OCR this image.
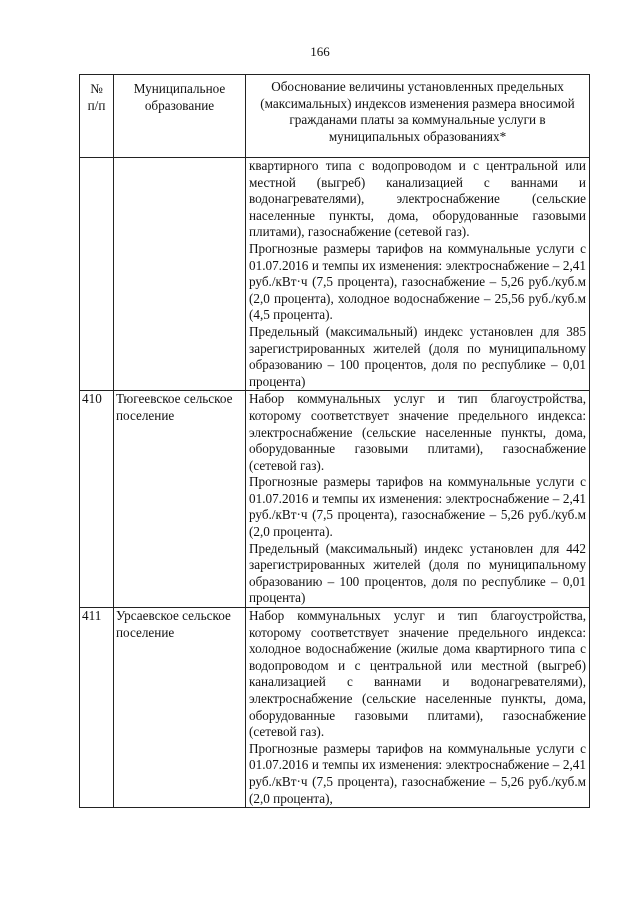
166
№ п/п	Муниципальное образование	Обоснование величины установленных предельных (максимальных) индексов изменения размера вносимой гражданами платы за коммунальные услуги в муниципальных образованиях*

		квартирного типа с водопроводом и с центральной или местной (выгреб) канализацией с ваннами и водонагревателями), электроснабжение (сельские населенные пункты, дома, оборудованные газовыми плитами), газоснабжение (сетевой газ).
Прогнозные размеры тарифов на коммунальные услуги с 01.07.2016 и темпы их изменения: электроснабжение – 2,41 руб./кВт·ч (7,5 процента), газоснабжение – 5,26 руб./куб.м (2,0 процента), холодное водоснабжение – 25,56 руб./куб.м (4,5 процента).
Предельный (максимальный) индекс установлен для 385 зарегистрированных жителей (доля по муниципальному образованию – 100 процентов, доля по республике – 0,01 процента)

410	Тюгеевское сельское поселение	Набор коммунальных услуг и тип благоустройства, которому соответствует значение предельного индекса: электроснабжение (сельские населенные пункты, дома, оборудованные газовыми плитами), газоснабжение (сетевой газ).
Прогнозные размеры тарифов на коммунальные услуги с 01.07.2016 и темпы их изменения: электроснабжение – 2,41 руб./кВт·ч (7,5 процента), газоснабжение – 5,26 руб./куб.м (2,0 процента).
Предельный (максимальный) индекс установлен для 442 зарегистрированных жителей (доля по муниципальному образованию – 100 процентов, доля по республике – 0,01 процента)

411	Урсаевское сельское поселение	Набор коммунальных услуг и тип благоустройства, которому соответствует значение предельного индекса: холодное водоснабжение (жилые дома квартирного типа с водопроводом и с центральной или местной (выгреб) канализацией с ваннами и водонагревателями), электроснабжение (сельские населенные пункты, дома, оборудованные газовыми плитами), газоснабжение (сетевой газ).
Прогнозные размеры тарифов на коммунальные услуги с 01.07.2016 и темпы их изменения: электроснабжение – 2,41 руб./кВт·ч (7,5 процента), газоснабжение – 5,26 руб./куб.м (2,0 процента),
